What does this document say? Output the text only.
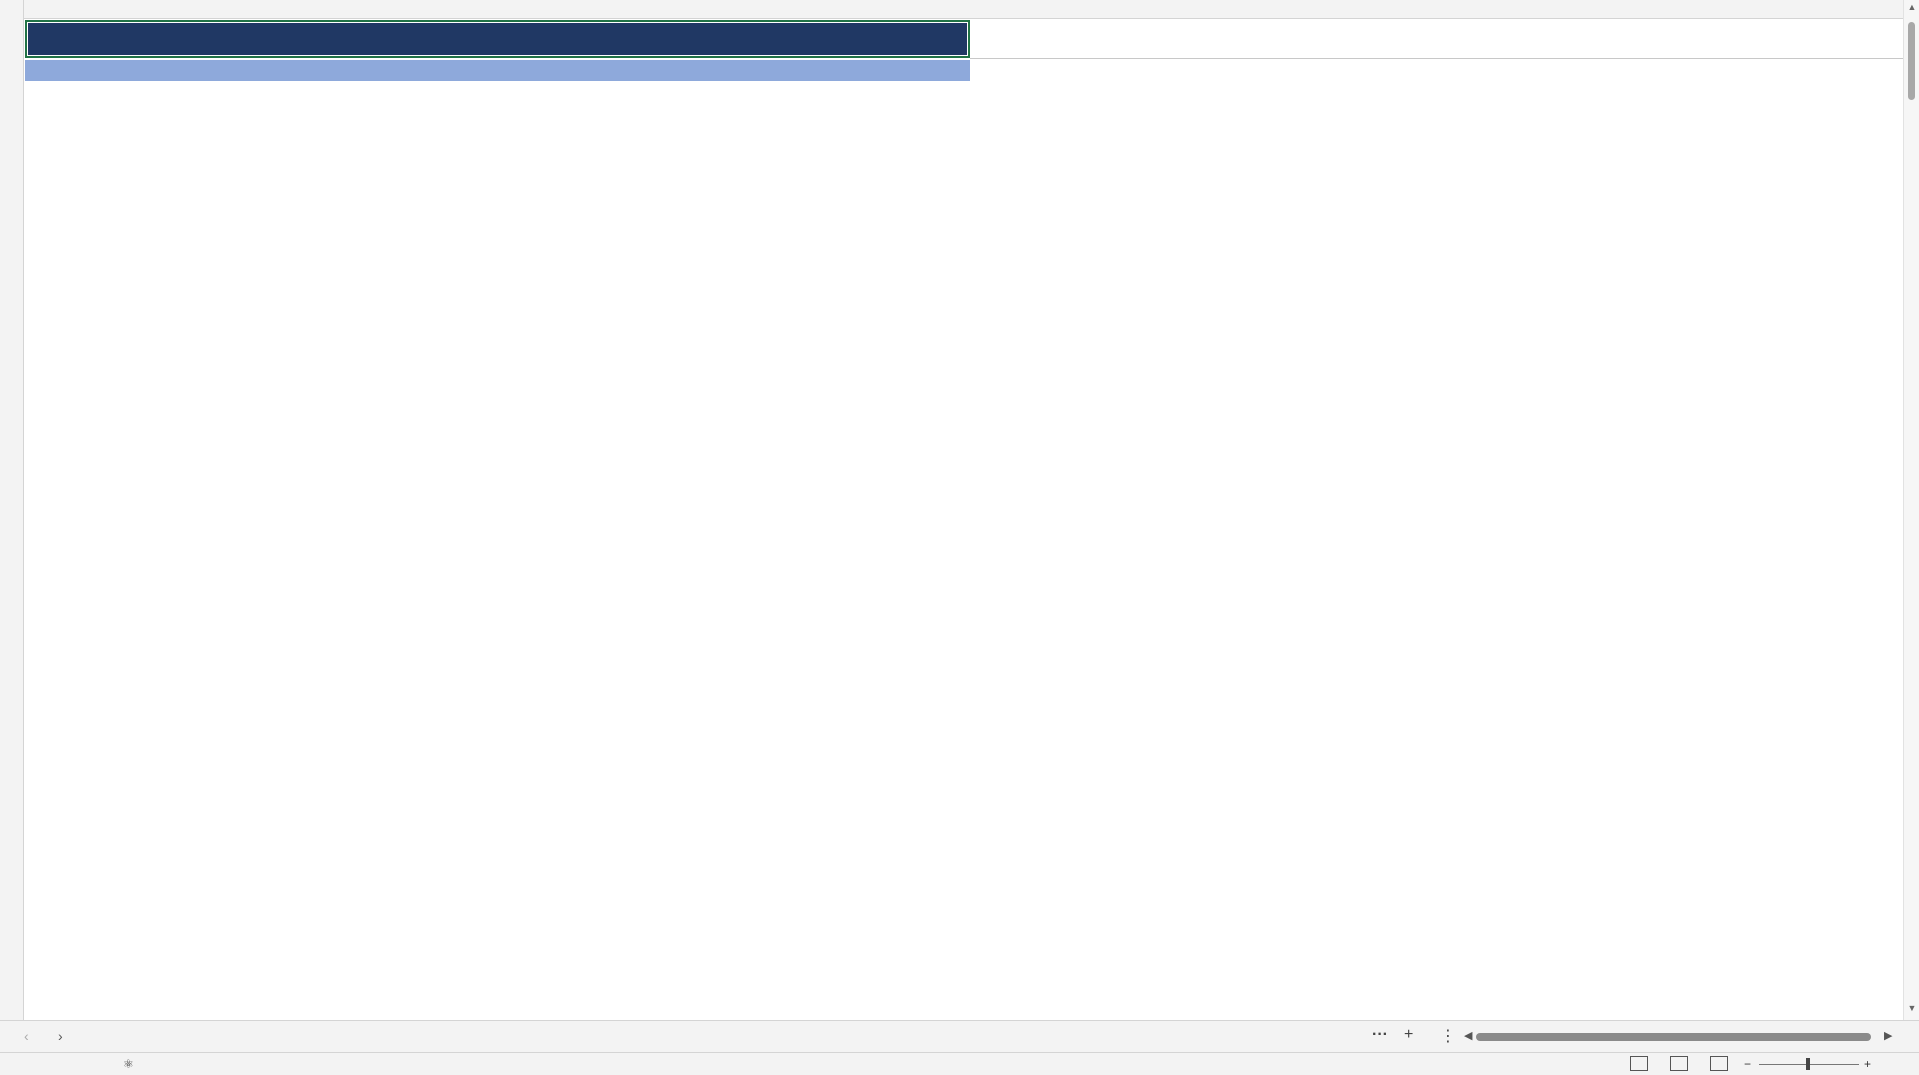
▲
▼
‹ ›	··· + ⋮ ◀	▶
⚛	−	+
